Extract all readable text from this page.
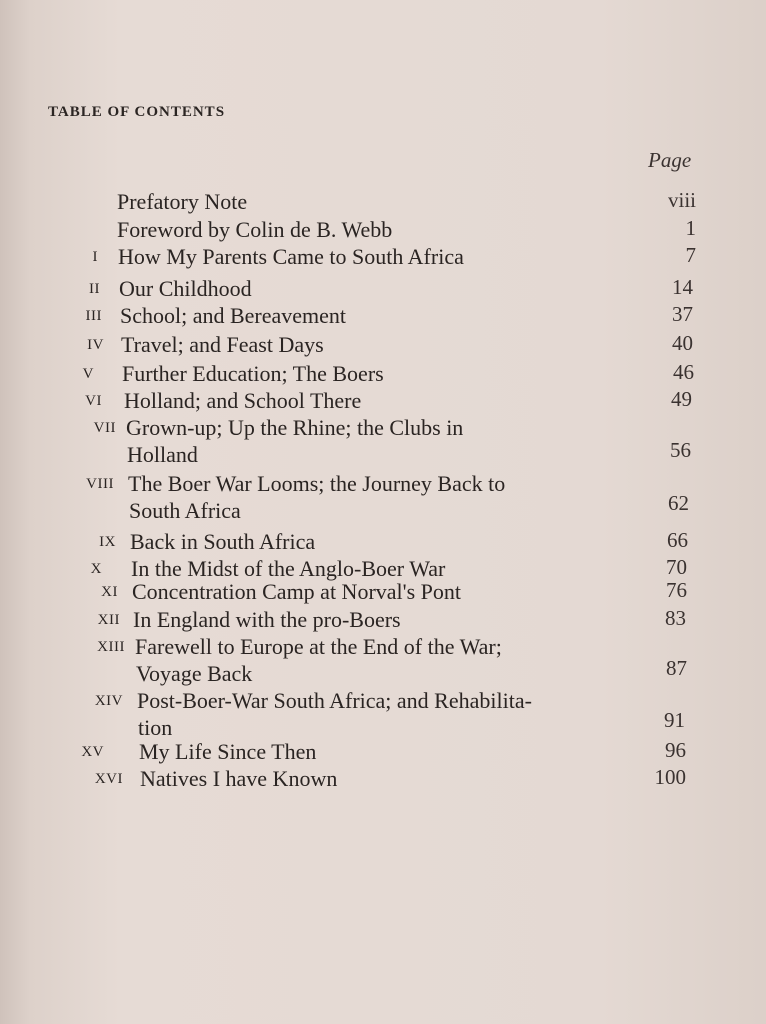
TABLE OF CONTENTS
Page
Prefatory Note	viii
Foreword by Colin de B. Webb	1
I How My Parents Came to South Africa	7
II Our Childhood	14
III School; and Bereavement	37
IV Travel; and Feast Days	40
V Further Education; The Boers	46
VI Holland; and School There	49
VII Grown-up; Up the Rhine; the Clubs in
Holland	56
VIII The Boer War Looms; the Journey Back to
South Africa	62
IX Back in South Africa	66
X In the Midst of the Anglo-Boer War	70
XI Concentration Camp at Norval's Pont	76
XII In England with the pro-Boers	83
XIII Farewell to Europe at the End of the War;
Voyage Back	87
XIV Post-Boer-War South Africa; and Rehabilita-
tion	91
XV My Life Since Then	96
XVI Natives I have Known	100
